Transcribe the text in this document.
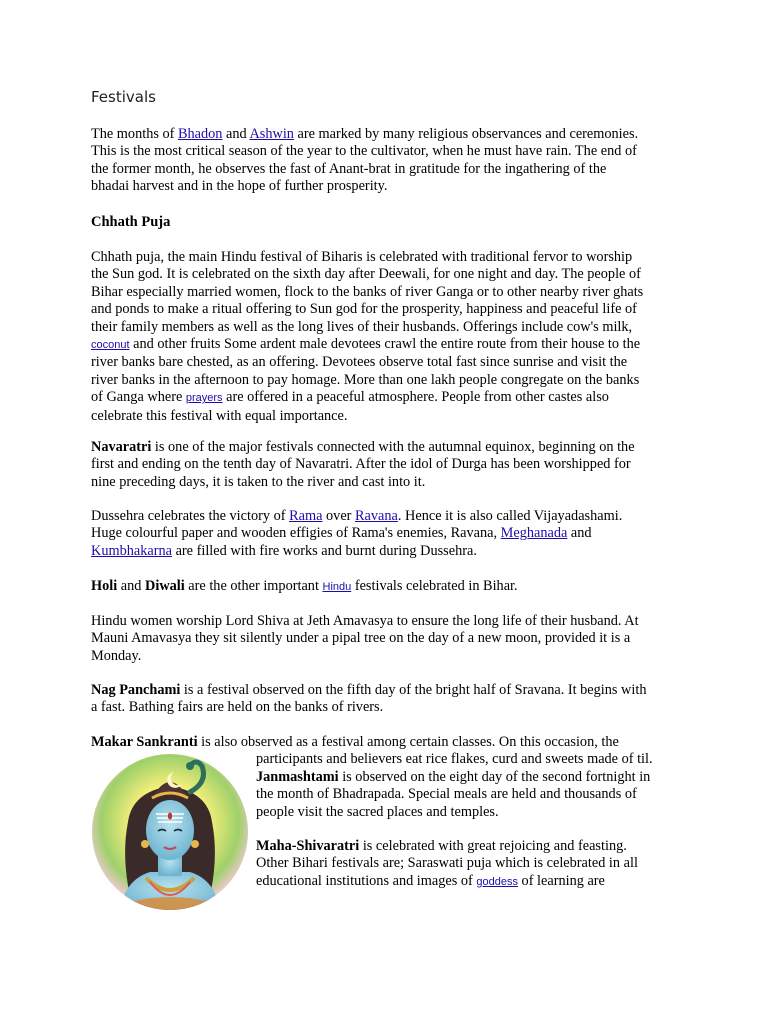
Festivals

The months of Bhadon and Ashwin are marked by many religious observances and ceremonies.
This is the most critical season of the year to the cultivator, when he must have rain. The end of
the former month, he observes the fast of Anant-brat in gratitude for the ingathering of the
bhadai harvest and in the hope of further prosperity.

Chhath Puja

Chhath puja, the main Hindu festival of Biharis is celebrated with traditional fervor to worship
the Sun god. It is celebrated on the sixth day after Deewali, for one night and day. The people of
Bihar especially married women, flock to the banks of river Ganga or to other nearby river ghats
and ponds to make a ritual offering to Sun god for the prosperity, happiness and peaceful life of
their family members as well as the long lives of their husbands. Offerings include cow's milk,
coconut and other fruits Some ardent male devotees crawl the entire route from their house to the
river banks bare chested, as an offering. Devotees observe total fast since sunrise and visit the
river banks in the afternoon to pay homage. More than one lakh people congregate on the banks
of Ganga where prayers are offered in a peaceful atmosphere. People from other castes also
celebrate this festival with equal importance.

Navaratri is one of the major festivals connected with the autumnal equinox, beginning on the
first and ending on the tenth day of Navaratri. After the idol of Durga has been worshipped for
nine preceding days, it is taken to the river and cast into it.

Dussehra celebrates the victory of Rama over Ravana. Hence it is also called Vijayadashami.
Huge colourful paper and wooden effigies of Rama's enemies, Ravana, Meghanada and
Kumbhakarna are filled with fire works and burnt during Dussehra.

Holi and Diwali are the other important Hindu festivals celebrated in Bihar.

Hindu women worship Lord Shiva at Jeth Amavasya to ensure the long life of their husband. At
Mauni Amavasya they sit silently under a pipal tree on the day of a new moon, provided it is a
Monday.

Nag Panchami is a festival observed on the fifth day of the bright half of Sravana. It begins with
a fast. Bathing fairs are held on the banks of rivers.

Makar Sankranti is also observed as a festival among certain classes. On this occasion, the
participants and believers eat rice flakes, curd and sweets made of til.
Janmashtami is observed on the eight day of the second fortnight in
the month of Bhadrapada. Special meals are held and thousands of
people visit the sacred places and temples.

Maha-Shivaratri is celebrated with great rejoicing and feasting.
Other Bihari festivals are; Saraswati puja which is celebrated in all
educational institutions and images of goddess of learning are
